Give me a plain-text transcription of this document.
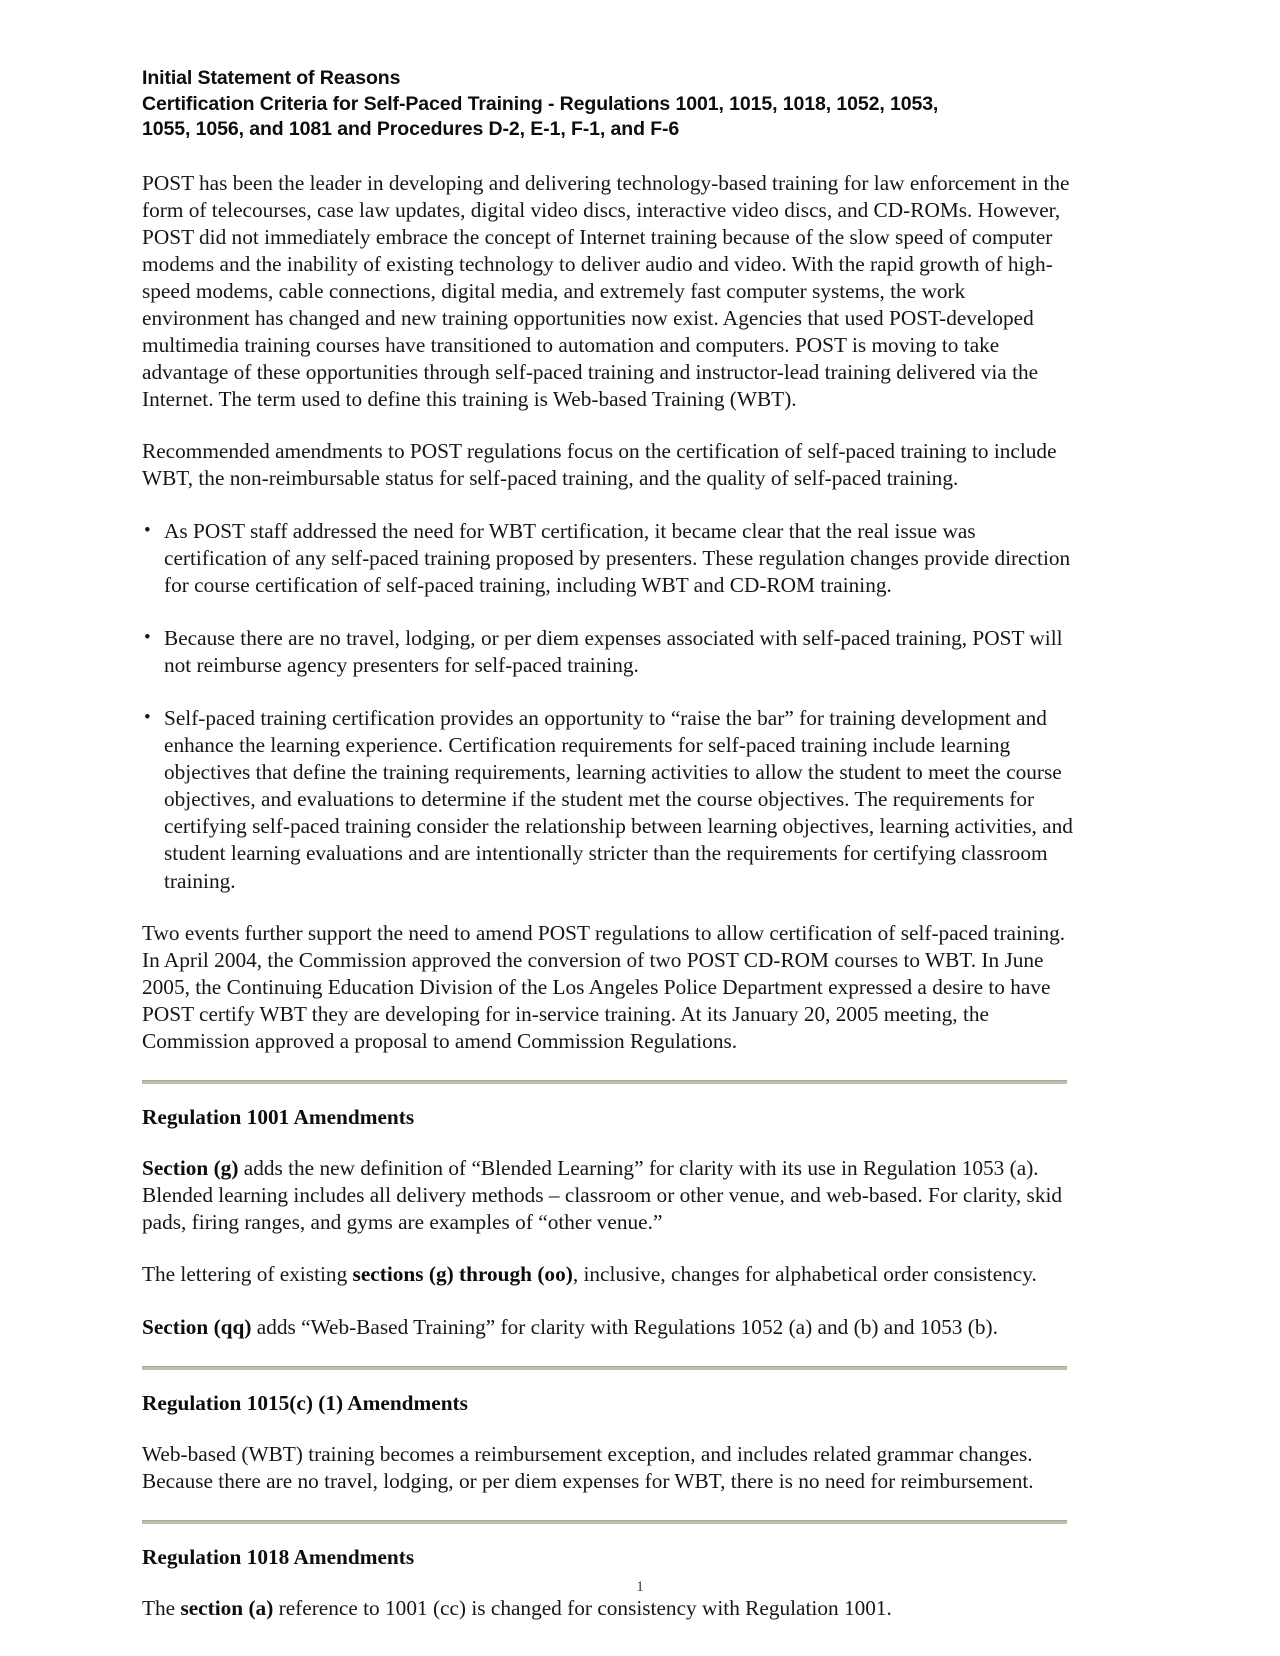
Initial Statement of Reasons
Certification Criteria for Self-Paced Training - Regulations 1001, 1015, 1018, 1052, 1053,
1055, 1056, and 1081 and Procedures D-2, E-1, F-1, and F-6

POST has been the leader in developing and delivering technology-based training for law enforcement in the form of telecourses, case law updates, digital video discs, interactive video discs, and CD-ROMs. However, POST did not immediately embrace the concept of Internet training because of the slow speed of computer modems and the inability of existing technology to deliver audio and video. With the rapid growth of high-speed modems, cable connections, digital media, and extremely fast computer systems, the work environment has changed and new training opportunities now exist. Agencies that used POST-developed multimedia training courses have transitioned to automation and computers. POST is moving to take advantage of these opportunities through self-paced training and instructor-lead training delivered via the Internet. The term used to define this training is Web-based Training (WBT).

Recommended amendments to POST regulations focus on the certification of self-paced training to include WBT, the non-reimbursable status for self-paced training, and the quality of self-paced training.

• As POST staff addressed the need for WBT certification, it became clear that the real issue was certification of any self-paced training proposed by presenters. These regulation changes provide direction for course certification of self-paced training, including WBT and CD-ROM training.
• Because there are no travel, lodging, or per diem expenses associated with self-paced training, POST will not reimburse agency presenters for self-paced training.
• Self-paced training certification provides an opportunity to “raise the bar” for training development and enhance the learning experience. Certification requirements for self-paced training include learning objectives that define the training requirements, learning activities to allow the student to meet the course objectives, and evaluations to determine if the student met the course objectives. The requirements for certifying self-paced training consider the relationship between learning objectives, learning activities, and student learning evaluations and are intentionally stricter than the requirements for certifying classroom training.

Two events further support the need to amend POST regulations to allow certification of self-paced training. In April 2004, the Commission approved the conversion of two POST CD-ROM courses to WBT. In June 2005, the Continuing Education Division of the Los Angeles Police Department expressed a desire to have POST certify WBT they are developing for in-service training. At its January 20, 2005 meeting, the Commission approved a proposal to amend Commission Regulations.

Regulation 1001 Amendments

Section (g) adds the new definition of “Blended Learning” for clarity with its use in Regulation 1053 (a). Blended learning includes all delivery methods – classroom or other venue, and web-based. For clarity, skid pads, firing ranges, and gyms are examples of “other venue.”

The lettering of existing sections (g) through (oo), inclusive, changes for alphabetical order consistency.

Section (qq) adds “Web-Based Training” for clarity with Regulations 1052 (a) and (b) and 1053 (b).

Regulation 1015(c) (1) Amendments

Web-based (WBT) training becomes a reimbursement exception, and includes related grammar changes. Because there are no travel, lodging, or per diem expenses for WBT, there is no need for reimbursement.

Regulation 1018 Amendments

The section (a) reference to 1001 (cc) is changed for consistency with Regulation 1001.

1
